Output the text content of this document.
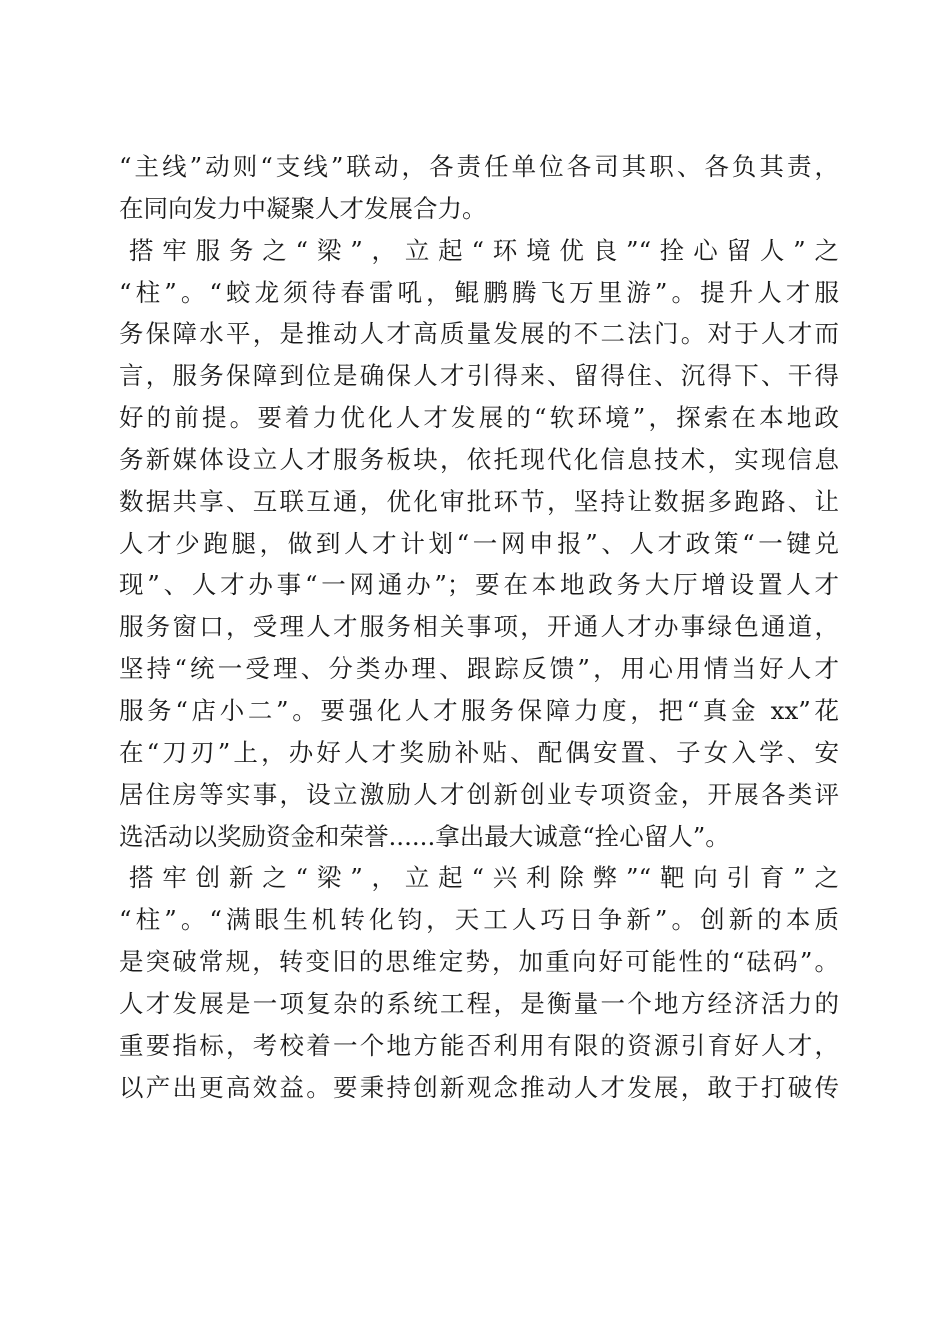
“主线”动则“支线”联动，各责任单位各司其职、各负其责，
在同向发力中凝聚人才发展合力。
搭牢服务之“梁”，立起“环境优良”“拴心留人”之
“柱”。“蛟龙须待春雷吼，鲲鹏腾飞万里游”。提升人才服
务保障水平，是推动人才高质量发展的不二法门。对于人才而
言，服务保障到位是确保人才引得来、留得住、沉得下、干得
好的前提。要着力优化人才发展的“软环境”，探索在本地政
务新媒体设立人才服务板块，依托现代化信息技术，实现信息
数据共享、互联互通，优化审批环节，坚持让数据多跑路、让
人才少跑腿，做到人才计划“一网申报”、人才政策“一键兑
现”、人才办事“一网通办”；要在本地政务大厅增设置人才
服务窗口，受理人才服务相关事项，开通人才办事绿色通道，
坚持“统一受理、分类办理、跟踪反馈”，用心用情当好人才
服务“店小二”。要强化人才服务保障力度，把“真金 xx”花
在“刀刃”上，办好人才奖励补贴、配偶安置、子女入学、安
居住房等实事，设立激励人才创新创业专项资金，开展各类评
选活动以奖励资金和荣誉......拿出最大诚意“拴心留人”。
搭牢创新之“梁”，立起“兴利除弊”“靶向引育”之
“柱”。“满眼生机转化钧，天工人巧日争新”。创新的本质
是突破常规，转变旧的思维定势，加重向好可能性的“砝码”。
人才发展是一项复杂的系统工程，是衡量一个地方经济活力的
重要指标，考校着一个地方能否利用有限的资源引育好人才，
以产出更高效益。要秉持创新观念推动人才发展，敢于打破传
